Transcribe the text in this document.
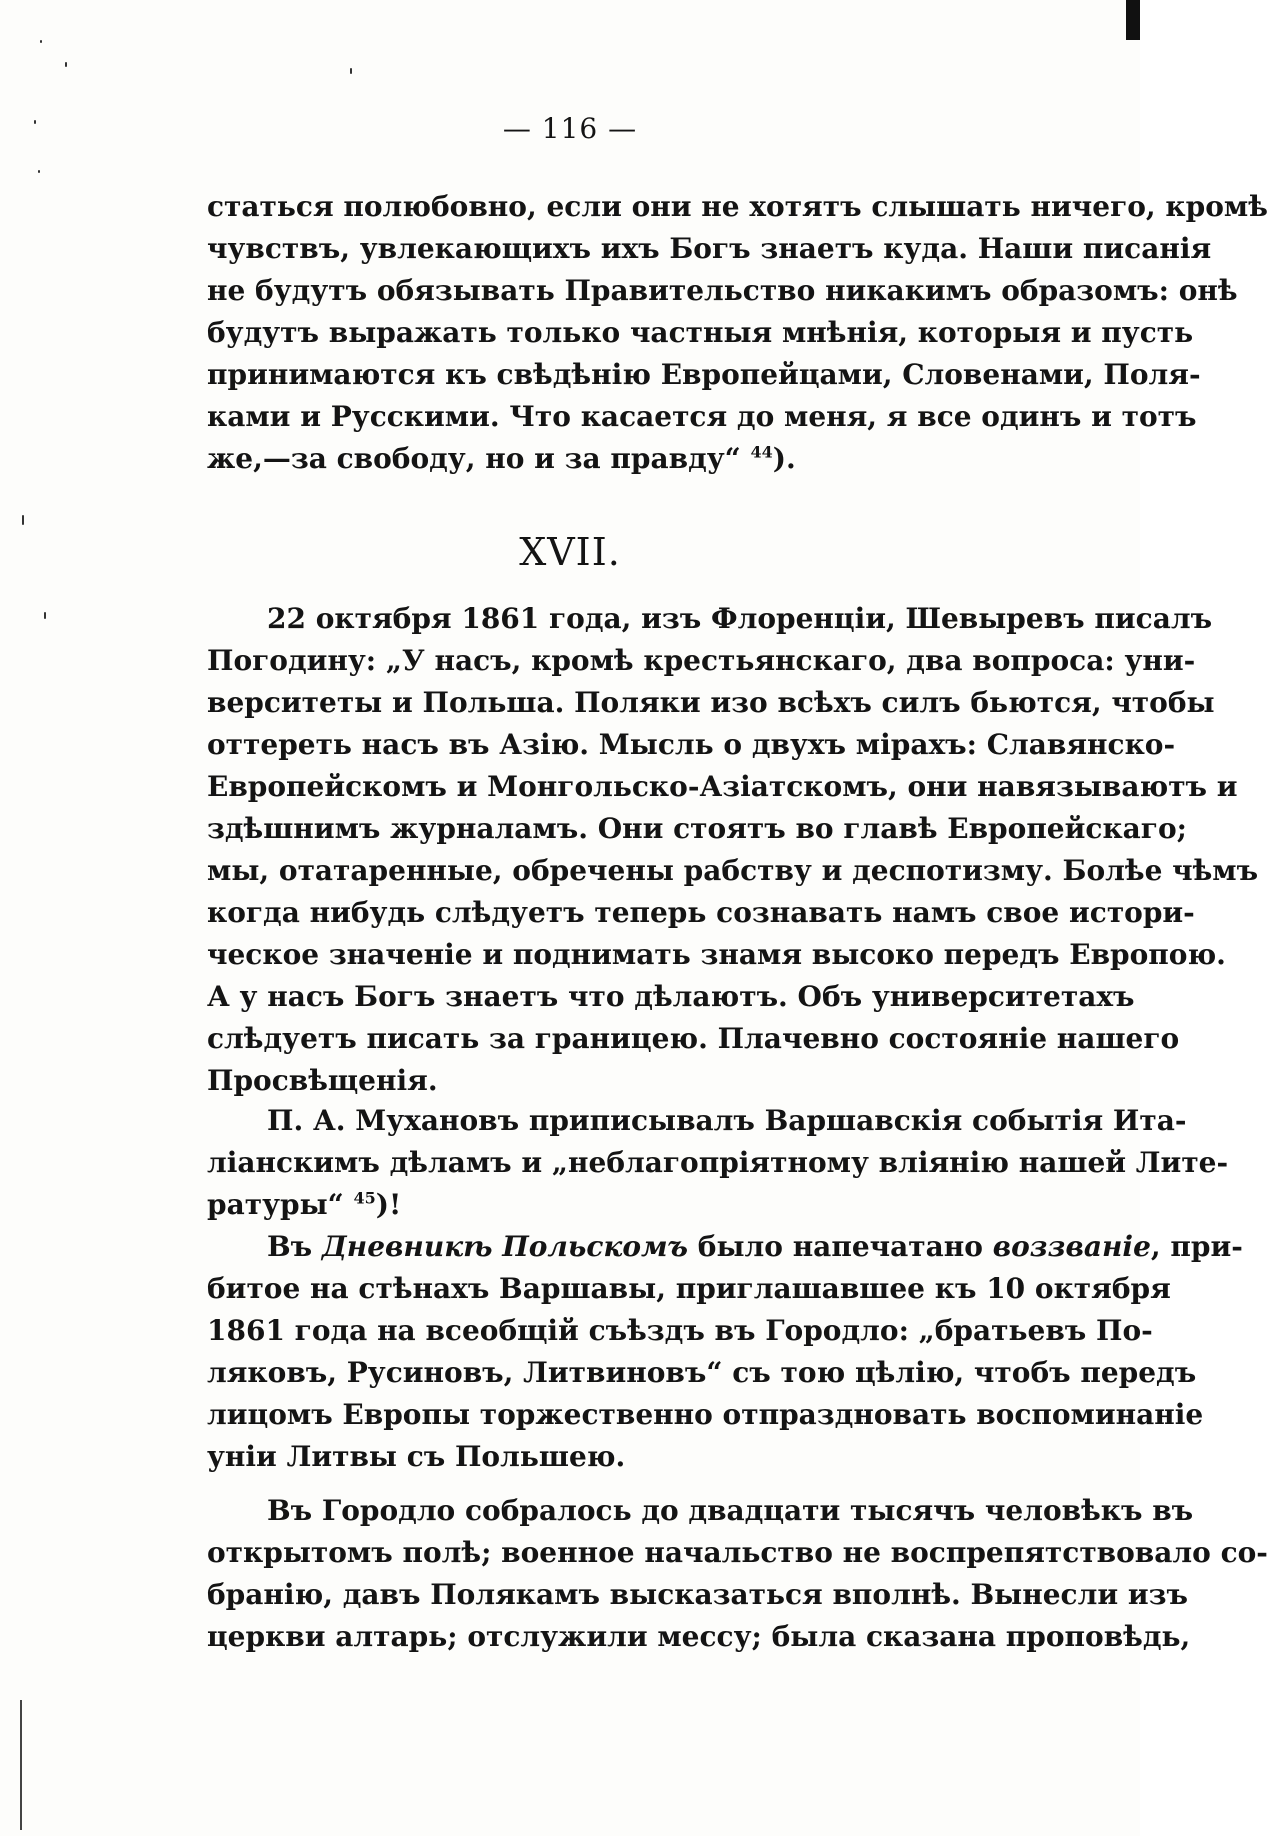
— 116 —
статься полюбовно, если они не хотятъ слышать ничего, кромѣ
чувствъ, увлекающихъ ихъ Богъ знаетъ куда. Наши писанія
не будутъ обязывать Правительство никакимъ образомъ: онѣ
будутъ выражать только частныя мнѣнія, которыя и пусть
принимаются къ свѣдѣнію Европейцами, Словенами, Поля-
ками и Русскими. Что касается до меня, я все одинъ и тотъ
же,—за свободу, но и за правду“ $^{44}$).
XVII.
22 октября 1861 года, изъ Флоренціи, Шевыревъ писалъ
Погодину: „У насъ, кромѣ крестьянскаго, два вопроса: уни-
верситеты и Польша. Поляки изо всѣхъ силъ бьются, чтобы
оттереть насъ въ Азію. Мысль о двухъ мірахъ: Славянско-
Европейскомъ и Монгольско-Азіатскомъ, они навязываютъ и
здѣшнимъ журналамъ. Они стоятъ во главѣ Европейскаго;
мы, отатаренные, обречены рабству и деспотизму. Болѣе чѣмъ
когда нибудь слѣдуетъ теперь сознавать намъ свое истори-
ческое значеніе и поднимать знамя высоко передъ Европою.
А у насъ Богъ знаетъ что дѣлаютъ. Объ университетахъ
слѣдуетъ писать за границею. Плачевно состояніе нашего
Просвѣщенія.
П. А. Мухановъ приписывалъ Варшавскія событія Ита-
ліанскимъ дѣламъ и „неблагопріятному вліянію нашей Лите-
ратуры“ $^{45}$)!
Въ Дневникѣ Польскомъ было напечатано воззваніе, при-
битое на стѣнахъ Варшавы, приглашавшее къ 10 октября
1861 года на всеобщій съѣздъ въ Городло: „братьевъ По-
ляковъ, Русиновъ, Литвиновъ“ съ тою цѣлію, чтобъ передъ
лицомъ Европы торжественно отпраздновать воспоминаніе
уніи Литвы съ Польшею.
Въ Городло собралось до двадцати тысячъ человѣкъ въ
открытомъ полѣ; военное начальство не воспрепятствовало со-
бранію, давъ Полякамъ высказаться вполнѣ. Вынесли изъ
церкви алтарь; отслужили мессу; была сказана проповѣдь,
